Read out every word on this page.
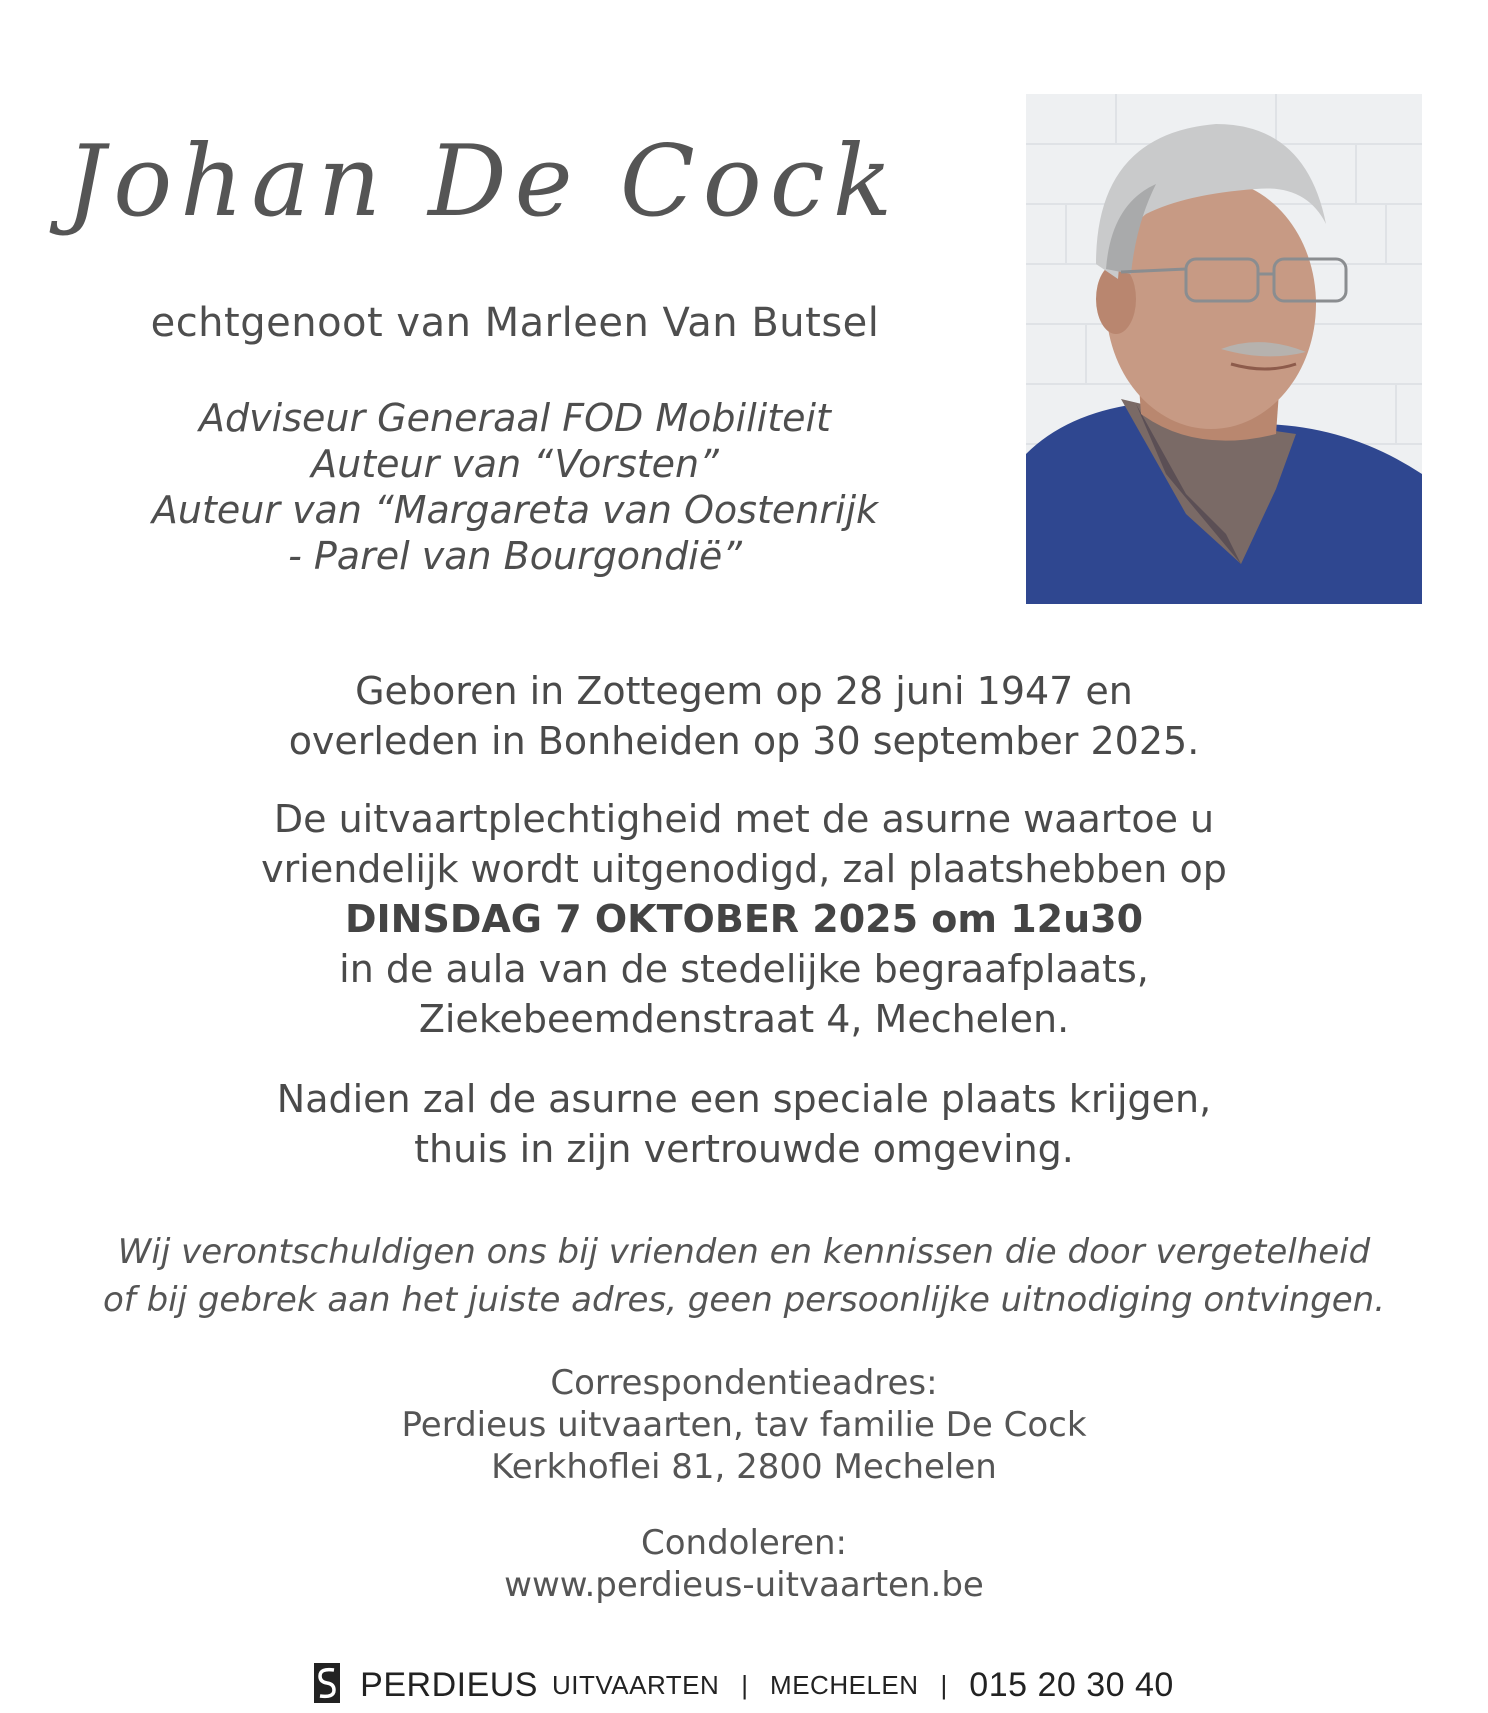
Johan De Cock
echtgenoot van Marleen Van Butsel
Adviseur Generaal FOD Mobiliteit
Auteur van “Vorsten”
Auteur van “Margareta van Oostenrijk
- Parel van Bourgondië”
Geboren in Zottegem op 28 juni 1947 en
overleden in Bonheiden op 30 september 2025.
De uitvaartplechtigheid met de asurne waartoe u
vriendelijk wordt uitgenodigd, zal plaatshebben op
DINSDAG 7 OKTOBER 2025 om 12u30
in de aula van de stedelijke begraafplaats,
Ziekebeemdenstraat 4, Mechelen.
Nadien zal de asurne een speciale plaats krijgen,
thuis in zijn vertrouwde omgeving.
Wij verontschuldigen ons bij vrienden en kennissen die door vergetelheid
of bij gebrek aan het juiste adres, geen persoonlijke uitnodiging ontvingen.
Correspondentieadres:
Perdieus uitvaarten, tav familie De Cock
Kerkhoflei 81, 2800 Mechelen
Condoleren:
www.perdieus-uitvaarten.be
PERDIEUS UITVAARTEN | MECHELEN | 015 20 30 40
